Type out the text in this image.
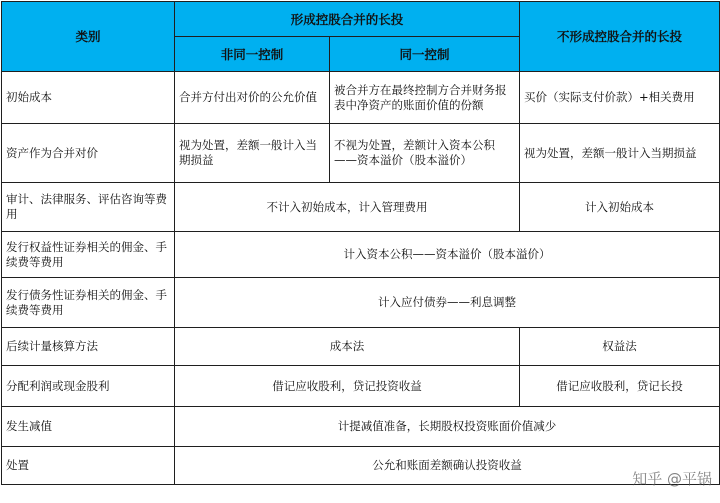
类别	形成控股合并的长投		不形成控股合并的长投
	非同一控制	同一控制	
初始成本	合并方付出对价的公允价值	被合并方在最终控制方合并财务报表中净资产的账面价值的份额	买价（实际支付价款）+相关费用
资产作为合并对价	视为处置，差额一般计入当期损益	不视为处置，差额计入资本公积——资本溢价（股本溢价）	视为处置，差额一般计入当期损益
审计、法律服务、评估咨询等费用	不计入初始成本，计入管理费用		计入初始成本
发行权益性证券相关的佣金、手续费等费用	计入资本公积——资本溢价（股本溢价）		
发行债务性证券相关的佣金、手续费等费用	计入应付债券——利息调整		
后续计量核算方法	成本法		权益法
分配利润或现金股利	借记应收股利，贷记投资收益		借记应收股利，贷记长投
发生减值	计提减值准备，长期股权投资账面价值减少		
处置	公允和账面差额确认投资收益		
知乎 @平锅
